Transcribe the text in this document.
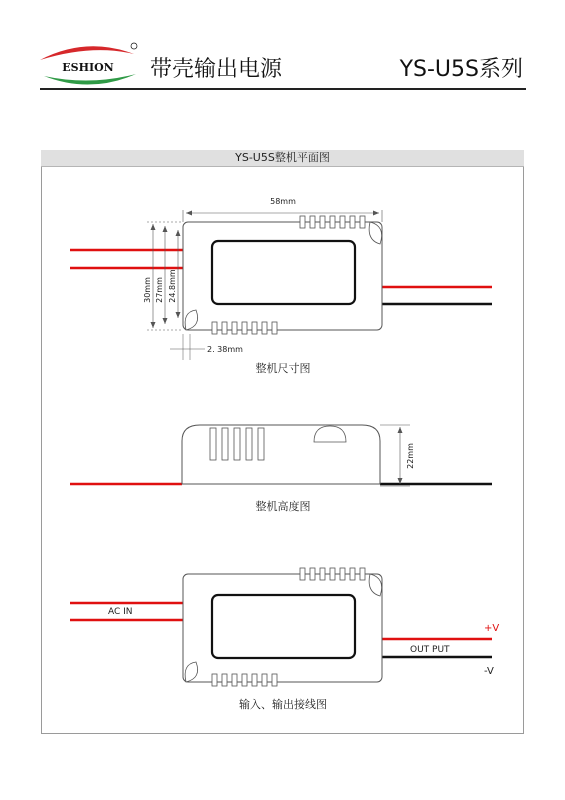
ESHION 带壳输出电源	YS-U5S系列
YS-U5S整机平面图
58mm
30mm 27mm 24.8mm
2. 38mm
整机尺寸图
22mm
整机高度图
AC IN
OUT PUT
+V
-V
输入、输出接线图
